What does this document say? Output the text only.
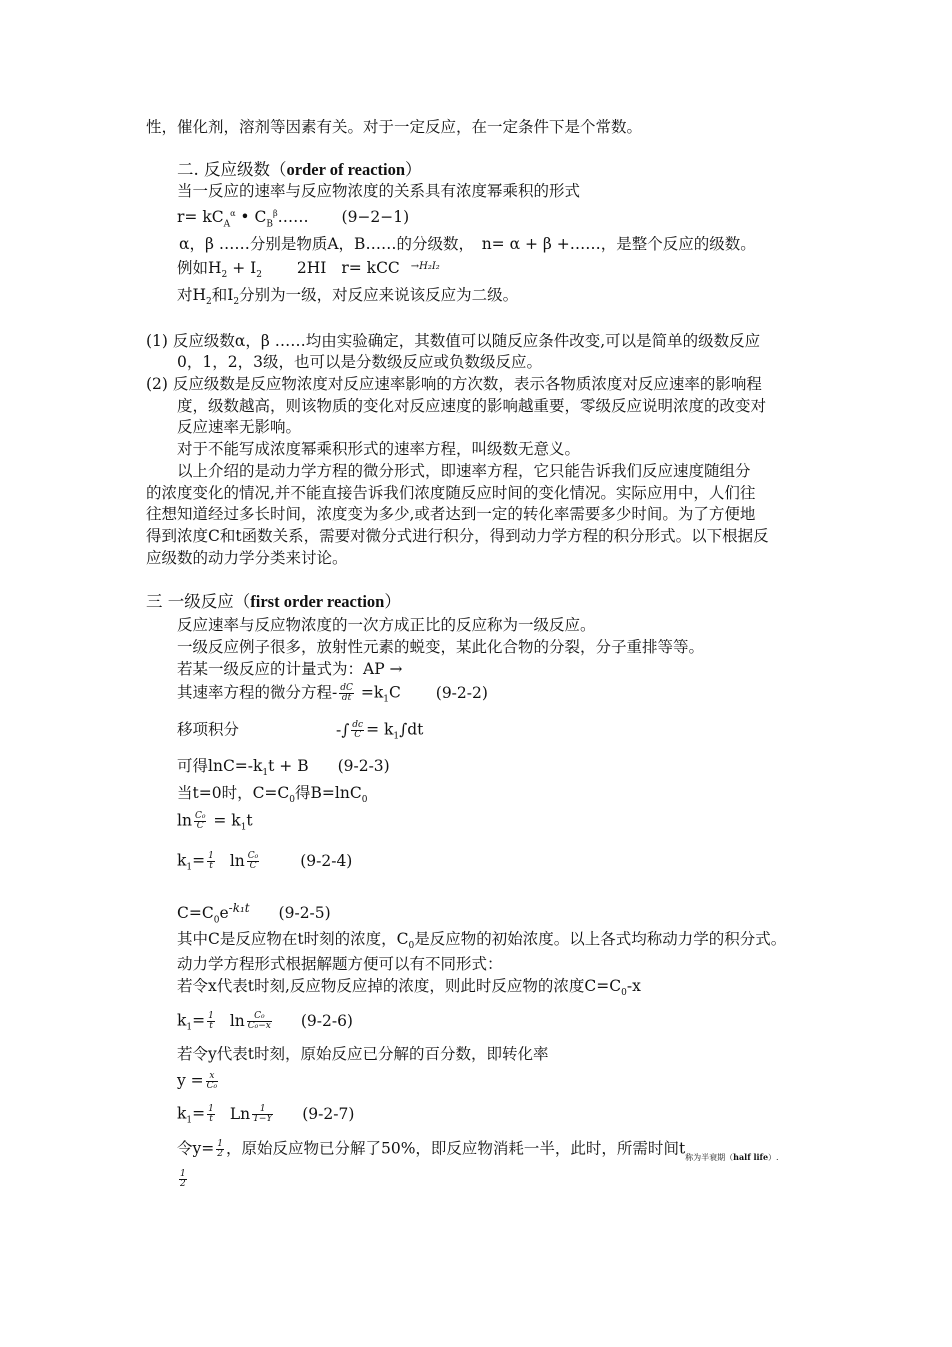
性，催化剂，溶剂等因素有关。对于一定反应，在一定条件下是个常数。
二. 反应级数（order of reaction）
当一反应的速率与反应物浓度的关系具有浓度幂乘积的形式
$r= kC_A^\alpha$ • $C_B^\beta\dots\dots$ (9−2−1)
α，β ……分别是物质A，B……的分级数，　n= α + β +……，是整个反应的级数。
例如$H_2 + I_2$ 2HI r= kCC $^{\to H_2I_2}$
对$H_2$和$I_2$分别为一级，对反应来说该反应为二级。
(1) 反应级数α，β ……均由实验确定，其数值可以随反应条件改变,可以是简单的级数反应
0，1，2，3级，也可以是分数级反应或负数级反应。
(2) 反应级数是反应物浓度对反应速率影响的方次数，表示各物质浓度对反应速率的影响程
度，级数越高，则该物质的变化对反应速度的影响越重要，零级反应说明浓度的改变对
反应速率无影响。
对于不能写成浓度幂乘积形式的速率方程，叫级数无意义。
以上介绍的是动力学方程的微分形式，即速率方程，它只能告诉我们反应速度随组分
的浓度变化的情况,并不能直接告诉我们浓度随反应时间的变化情况。实际应用中，人们往
往想知道经过多长时间，浓度变为多少,或者达到一定的转化率需要多少时间。为了方便地
得到浓度C和t函数关系，需要对微分式进行积分，得到动力学方程的积分形式。以下根据反
应级数的动力学分类来讨论。
三 一级反应（first order reaction）
反应速率与反应物浓度的一次方成正比的反应称为一级反应。
一级反应例子很多，放射性元素的蜕变，某此化合物的分裂，分子重排等等。
若某一级反应的计量式为：AP →
其速率方程的微分方程- $\frac{dC}{dt} =k_1C$ (9-2-2)
移项积分	-∫ $\frac{dc}{C} = k_1\int dt$
可得$\ln C=-k_1t + B$ (9-2-3)
当t=0时，$C=C_0$得B=lnC$_0$
$\ln \frac{\text{C₀}}{C} = k_1t$
$k_1= \frac{1}{t}$ $\ln \frac{\text{C₀}}{C}$	(9-2-4)
$C=C_0e^{-k_1t}$ (9-2-5)
其中C是反应物在t时刻的浓度，$C_0$是反应物的初始浓度。以上各式均称动力学的积分式。
动力学方程形式根据解题方便可以有不同形式：
若令x代表t时刻,反应物反应掉的浓度，则此时反应物的浓度$C=C_0-x$
$k_1= \frac{1}{t}$ $\ln \frac{\text{C₀}}{\text{C₀−x}} (9-2-6)$
若令y代表t时刻，原始反应已分解的百分数，即转化率
$y = \frac{x}{\text{C₀}}$
$k_1= \frac{1}{t}$ Ln $\frac{1}{1-Y} (9-2-7)$
令$y= \frac{1}{2}$ ，原始反应物已分解了50%，即反应物消耗一半，此时，所需时间$t_{称为半衰期(half life).}$
$\frac{1}{2}$
